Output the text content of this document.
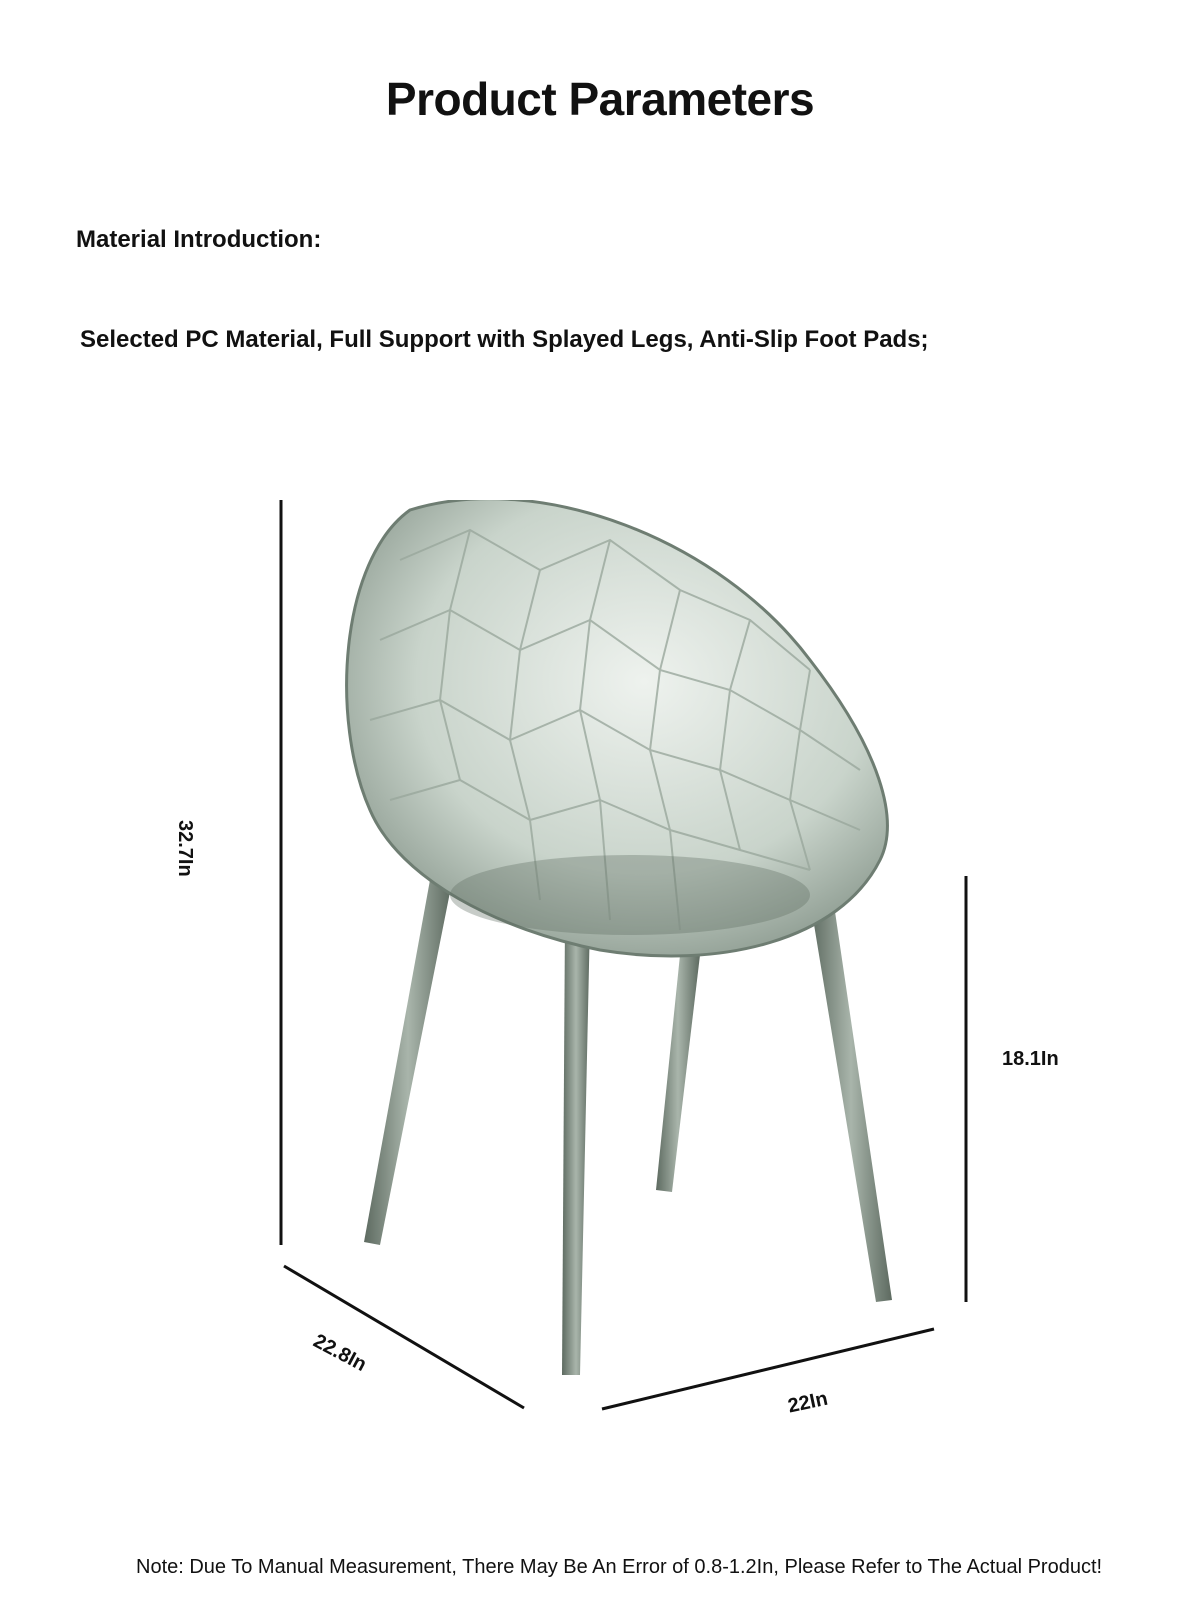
Product Parameters
Material Introduction:
Selected PC Material, Full Support with Splayed Legs, Anti-Slip Foot Pads;
32.7In
18.1In
22.8In
22In
Note: Due To Manual Measurement, There May Be An Error of 0.8-1.2In, Please Refer to The Actual Product!
